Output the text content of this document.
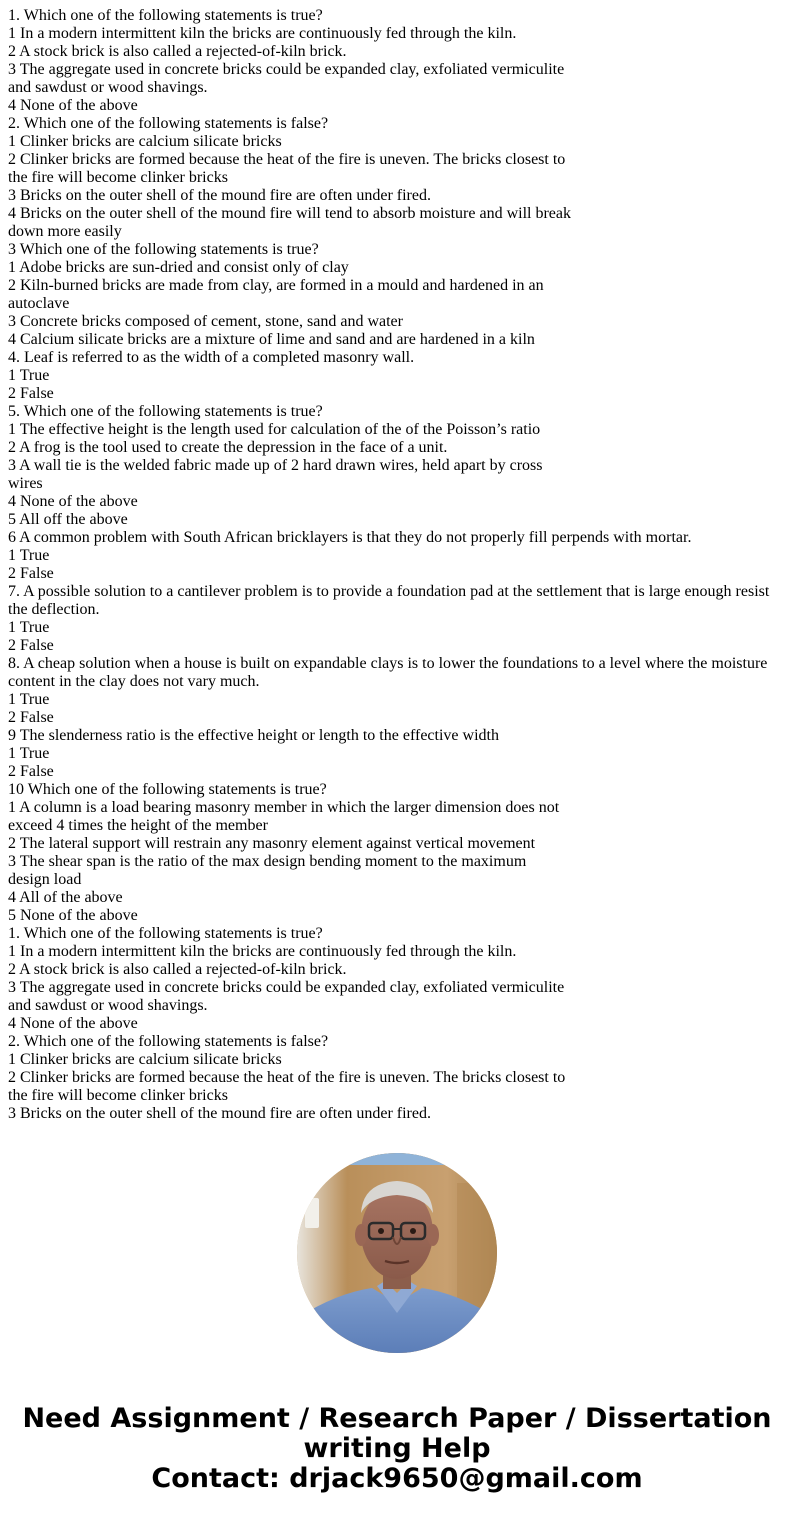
1. Which one of the following statements is true?
1 In a modern intermittent kiln the bricks are continuously fed through the kiln.
2 A stock brick is also called a rejected-of-kiln brick.
3 The aggregate used in concrete bricks could be expanded clay, exfoliated vermiculite
and sawdust or wood shavings.
4 None of the above
2. Which one of the following statements is false?
1 Clinker bricks are calcium silicate bricks
2 Clinker bricks are formed because the heat of the fire is uneven. The bricks closest to
the fire will become clinker bricks
3 Bricks on the outer shell of the mound fire are often under fired.
4 Bricks on the outer shell of the mound fire will tend to absorb moisture and will break
down more easily
3 Which one of the following statements is true?
1 Adobe bricks are sun-dried and consist only of clay
2 Kiln-burned bricks are made from clay, are formed in a mould and hardened in an
autoclave
3 Concrete bricks composed of cement, stone, sand and water
4 Calcium silicate bricks are a mixture of lime and sand and are hardened in a kiln
4. Leaf is referred to as the width of a completed masonry wall.
1 True
2 False
5. Which one of the following statements is true?
1 The effective height is the length used for calculation of the of the Poisson’s ratio
2 A frog is the tool used to create the depression in the face of a unit.
3 A wall tie is the welded fabric made up of 2 hard drawn wires, held apart by cross
wires
4 None of the above
5 All off the above
6 A common problem with South African bricklayers is that they do not properly fill perpends with mortar.
1 True
2 False
7. A possible solution to a cantilever problem is to provide a foundation pad at the settlement that is large enough resist
the deflection.
1 True
2 False
8. A cheap solution when a house is built on expandable clays is to lower the foundations to a level where the moisture
content in the clay does not vary much.
1 True
2 False
9 The slenderness ratio is the effective height or length to the effective width
1 True
2 False
10 Which one of the following statements is true?
1 A column is a load bearing masonry member in which the larger dimension does not
exceed 4 times the height of the member
2 The lateral support will restrain any masonry element against vertical movement
3 The shear span is the ratio of the max design bending moment to the maximum
design load
4 All of the above
5 None of the above
1. Which one of the following statements is true?
1 In a modern intermittent kiln the bricks are continuously fed through the kiln.
2 A stock brick is also called a rejected-of-kiln brick.
3 The aggregate used in concrete bricks could be expanded clay, exfoliated vermiculite
and sawdust or wood shavings.
4 None of the above
2. Which one of the following statements is false?
1 Clinker bricks are calcium silicate bricks
2 Clinker bricks are formed because the heat of the fire is uneven. The bricks closest to
the fire will become clinker bricks
3 Bricks on the outer shell of the mound fire are often under fired.
Need Assignment / Research Paper / Dissertation
writing Help
Contact: drjack9650@gmail.com
